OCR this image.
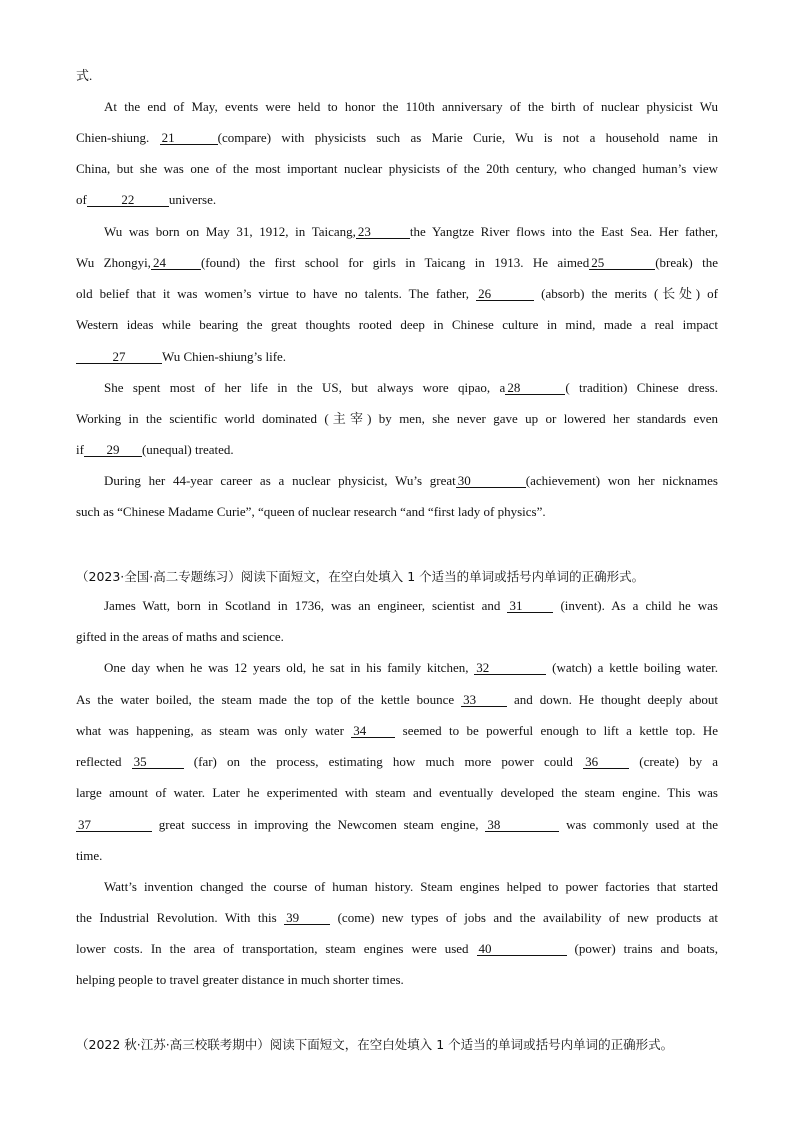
式.
At the end of May, events were held to honor the 110th anniversary of the birth of nuclear physicist Wu
Chien-shiung. 21	(compare) with physicists such as Marie Curie, Wu is not a household name in
China, but she was one of the most important nuclear physicists of the 20th century, who changed human’s view
of	22	universe.
Wu was born on May 31, 1912, in Taicang, 23	the Yangtze River flows into the East Sea. Her father,
Wu Zhongyi, 24	(found) the first school for girls in Taicang in 1913. He aimed 25	(break) the
old belief that it was women’s virtue to have no talents. The father, 26	(absorb) the merits (长处) of
Western ideas while bearing the great thoughts rooted deep in Chinese culture in mind, made a real impact
27	Wu Chien-shiung’s life.
She spent most of her life in the US, but always wore qipao, a 28	( tradition) Chinese dress.
Working in the scientific world dominated (主宰) by men, she never gave up or lowered her standards even
if 29 (unequal) treated.
During her 44-year career as a nuclear physicist, Wu’s great 30	(achievement) won her nicknames
such as “Chinese Madame Curie”, “queen of nuclear research “and “first lady of physics”.
（2023·全国·高二专题练习）阅读下面短文，在空白处填入 1 个适当的单词或括号内单词的正确形式。
James Watt, born in Scotland in 1736, was an engineer, scientist and 31 (invent). As a child he was
gifted in the areas of maths and science.
One day when he was 12 years old, he sat in his family kitchen, 32	(watch) a kettle boiling water.
As the water boiled, the steam made the top of the kettle bounce 33 and down. He thought deeply about
what was happening, as steam was only water 34 seemed to be powerful enough to lift a kettle top. He
reflected 35	(far) on the process, estimating how much more power could 36 (create) by a
large amount of water. Later he experimented with steam and eventually developed the steam engine. This was
37	great success in improving the Newcomen steam engine, 38	was commonly used at the
time.
Watt’s invention changed the course of human history. Steam engines helped to power factories that started
the Industrial Revolution. With this 39 (come) new types of jobs and the availability of new products at
lower costs. In the area of transportation, steam engines were used 40	(power) trains and boats,
helping people to travel greater distance in much shorter times.
（2022 秋·江苏·高三校联考期中）阅读下面短文，在空白处填入 1 个适当的单词或括号内单词的正确形式。
